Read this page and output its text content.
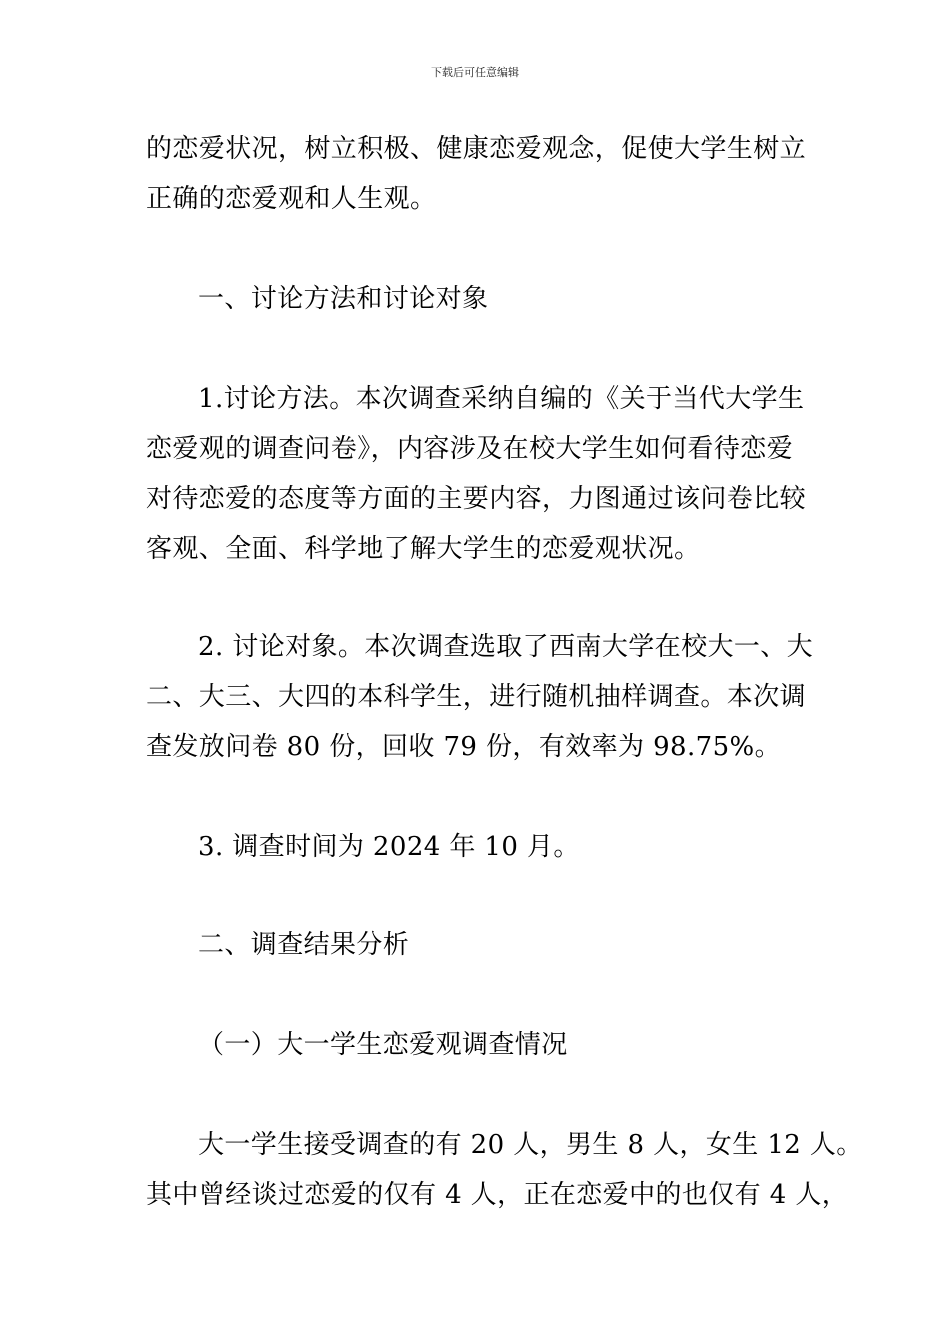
下载后可任意编辑
的恋爱状况，树立积极、健康恋爱观念，促使大学生树立
正确的恋爱观和人生观。
一、讨论方法和讨论对象
1.讨论方法。本次调查采纳自编的《关于当代大学生
恋爱观的调查问卷》，内容涉及在校大学生如何看待恋爱
对待恋爱的态度等方面的主要内容，力图通过该问卷比较
客观、全面、科学地了解大学生的恋爱观状况。
2. 讨论对象。本次调查选取了西南大学在校大一、大
二、大三、大四的本科学生，进行随机抽样调查。本次调
查发放问卷 80 份，回收 79 份，有效率为 98.75%。
3. 调查时间为 2024 年 10 月。
二、调查结果分析
（一）大一学生恋爱观调查情况
大一学生接受调查的有 20 人，男生 8 人，女生 12 人。
其中曾经谈过恋爱的仅有 4 人，正在恋爱中的也仅有 4 人，
